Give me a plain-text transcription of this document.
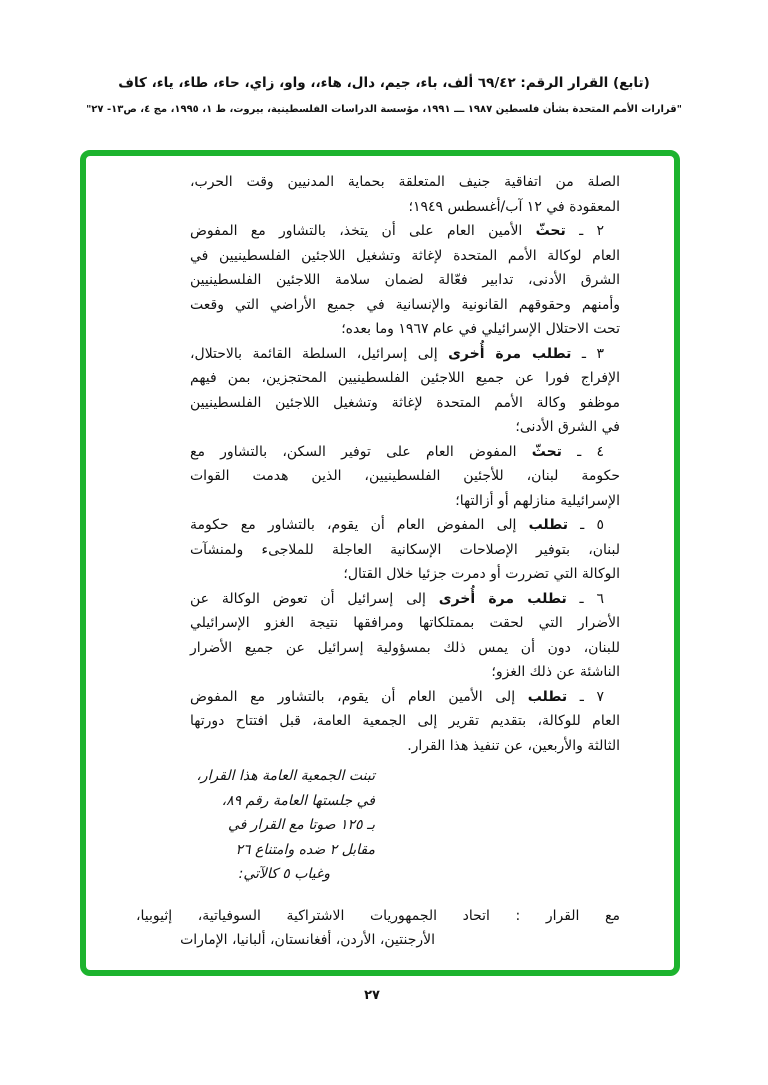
(تابع) القرار الرقم: ٦٩/٤٢ ألف، باء، جيم، دال، هاء،، واو، زاي، حاء، طاء، ياء، كاف
"قرارات الأمم المتحدة بشأن فلسطين ١٩٨٧ ـــ ١٩٩١، مؤسسة الدراسات الفلسطينية، بيروت، ط ١، ١٩٩٥، مج ٤، ص١٣- ٢٧"
الصلة من اتفاقية جنيف المتعلقة بحماية المدنيين وقت الحرب،
المعقودة في ١٢ آب/أغسطس ١٩٤٩؛
٢ ـ تحثّ الأمين العام على أن يتخذ، بالتشاور مع المفوض
العام لوكالة الأمم المتحدة لإغاثة وتشغيل اللاجئين الفلسطينيين في
الشرق الأدنى، تدابير فعّالة لضمان سلامة اللاجئين الفلسطينيين
وأمنهم وحقوقهم القانونية والإنسانية في جميع الأراضي التي وقعت
تحت الاحتلال الإسرائيلي في عام ١٩٦٧ وما بعده؛
٣ ـ تطلب مرة أُخرى إلى إسرائيل، السلطة القائمة بالاحتلال،
الإفراج فورا عن جميع اللاجئين الفلسطينيين المحتجزين، بمن فيهم
موظفو وكالة الأمم المتحدة لإغاثة وتشغيل اللاجئين الفلسطينيين
في الشرق الأدنى؛
٤ ـ تحثّ المفوض العام على توفير السكن، بالتشاور مع
حكومة لبنان، للأجئين الفلسطينيين، الذين هدمت القوات
الإسرائيلية منازلهم أو أزالتها؛
٥ ـ تطلب إلى المفوض العام أن يقوم، بالتشاور مع حكومة
لبنان، بتوفير الإصلاحات الإسكانية العاجلة للملاجىء ولمنشآت
الوكالة التي تضررت أو دمرت جزئيا خلال القتال؛
٦ ـ تطلب مرة أُخرى إلى إسرائيل أن تعوض الوكالة عن
الأضرار التي لحقت بممتلكاتها ومرافقها نتيجة الغزو الإسرائيلي
للبنان، دون أن يمس ذلك بمسؤولية إسرائيل عن جميع الأضرار
الناشئة عن ذلك الغزو؛
٧ ـ تطلب إلى الأمين العام أن يقوم، بالتشاور مع المفوض
العام للوكالة، بتقديم تقرير إلى الجمعية العامة، قبل افتتاح دورتها
الثالثة والأربعين، عن تنفيذ هذا القرار.
تبنت الجمعية العامة هذا القرار،
في جلستها العامة رقم ٨٩،
بـ ١٢٥ صوتا مع القرار في
مقابل ٢ ضده وامتناع ٢٦
وغياب ٥ كالآتي:
مع القرار : اتحاد الجمهوريات الاشتراكية السوفياتية، إثيوبيا،
الأرجنتين، الأردن، أفغانستان، ألبانيا، الإمارات
٢٧
